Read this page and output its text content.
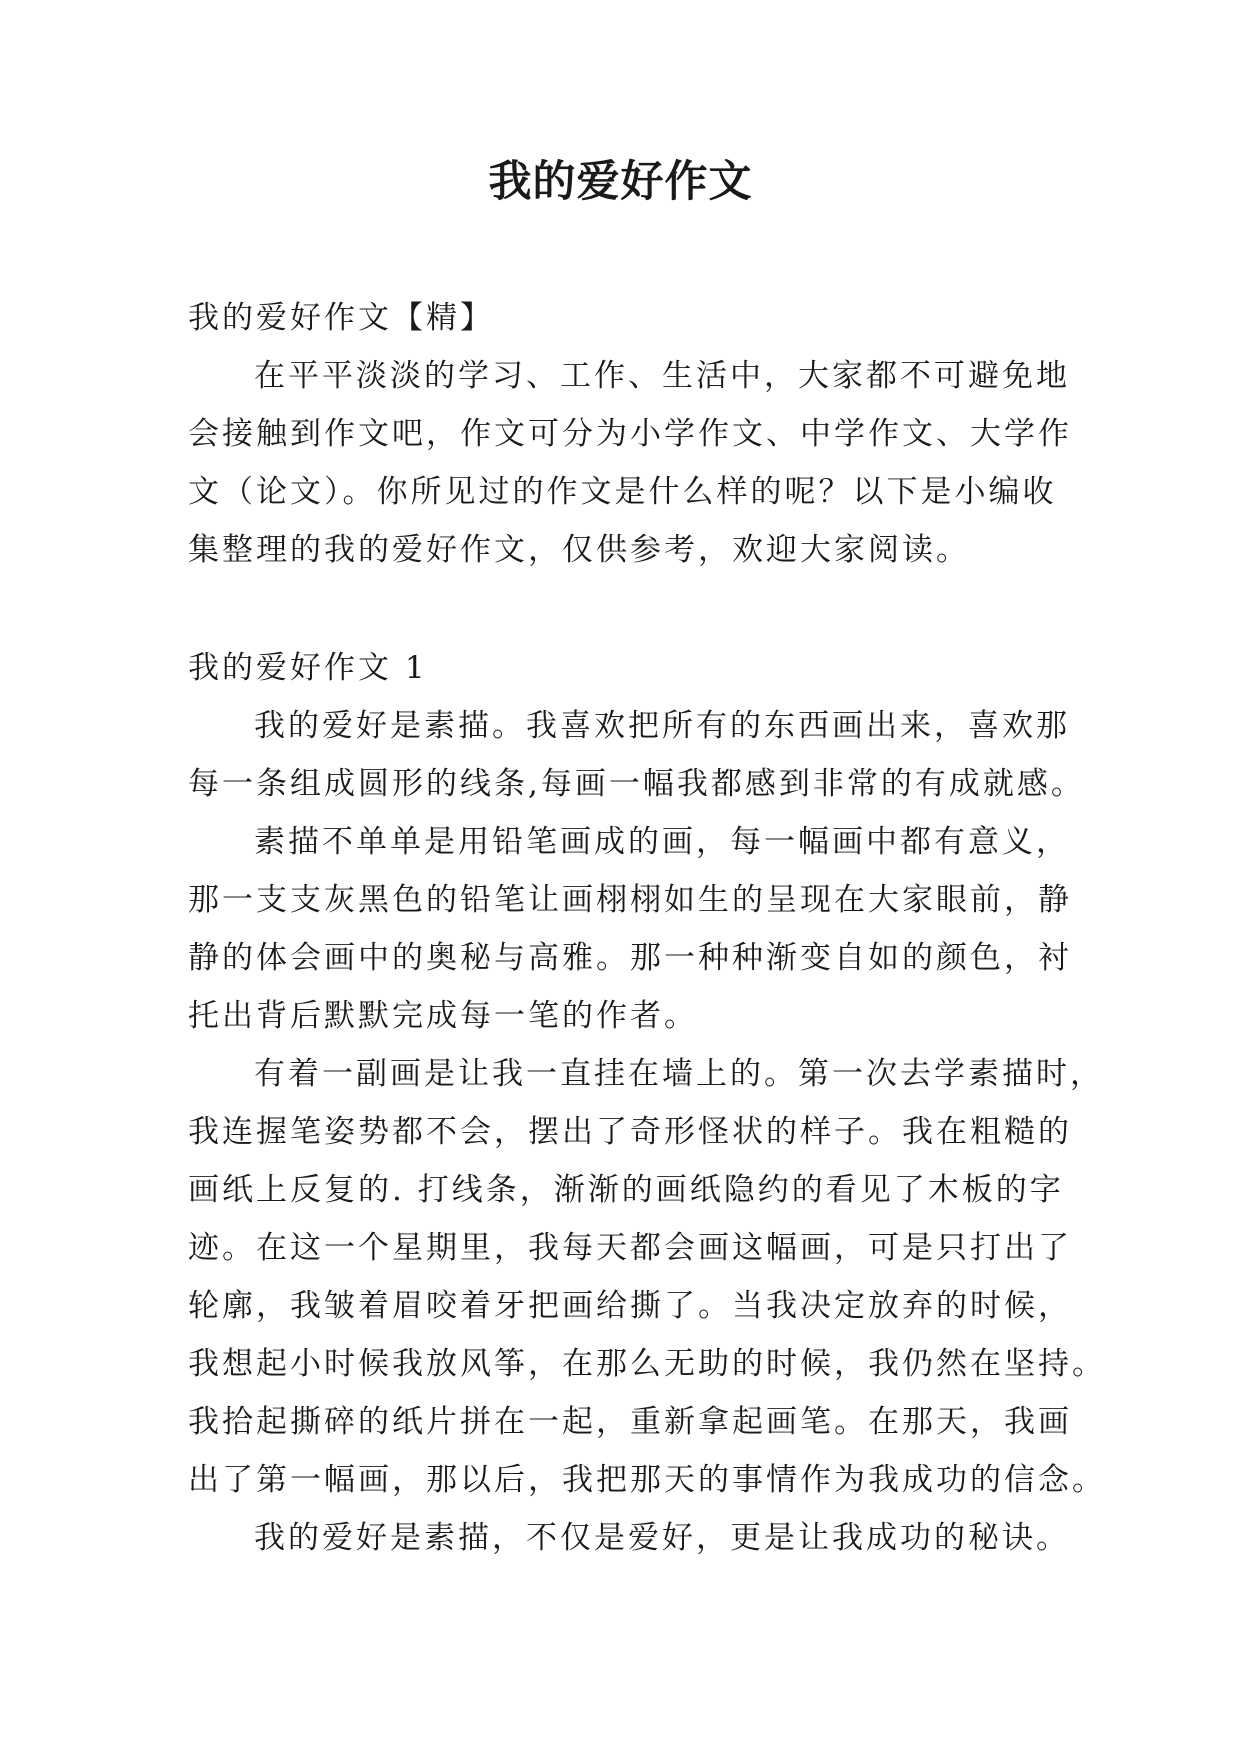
我的爱好作文
我的爱好作文【精】
在平平淡淡的学习、工作、生活中，大家都不可避免地
会接触到作文吧，作文可分为小学作文、中学作文、大学作
文（论文）。你所见过的作文是什么样的呢？以下是小编收
集整理的我的爱好作文，仅供参考，欢迎大家阅读。
我的爱好作文 1
我的爱好是素描。我喜欢把所有的东西画出来，喜欢那
每一条组成圆形的线条,每画一幅我都感到非常的有成就感。
素描不单单是用铅笔画成的画，每一幅画中都有意义，
那一支支灰黑色的铅笔让画栩栩如生的呈现在大家眼前，静
静的体会画中的奥秘与高雅。那一种种渐变自如的颜色，衬
托出背后默默完成每一笔的作者。
有着一副画是让我一直挂在墙上的。第一次去学素描时，
我连握笔姿势都不会，摆出了奇形怪状的样子。我在粗糙的
画纸上反复的. 打线条，渐渐的画纸隐约的看见了木板的字
迹。在这一个星期里，我每天都会画这幅画，可是只打出了
轮廓，我皱着眉咬着牙把画给撕了。当我决定放弃的时候，
我想起小时候我放风筝，在那么无助的时候，我仍然在坚持。
我拾起撕碎的纸片拼在一起，重新拿起画笔。在那天，我画
出了第一幅画，那以后，我把那天的事情作为我成功的信念。
我的爱好是素描，不仅是爱好，更是让我成功的秘诀。
